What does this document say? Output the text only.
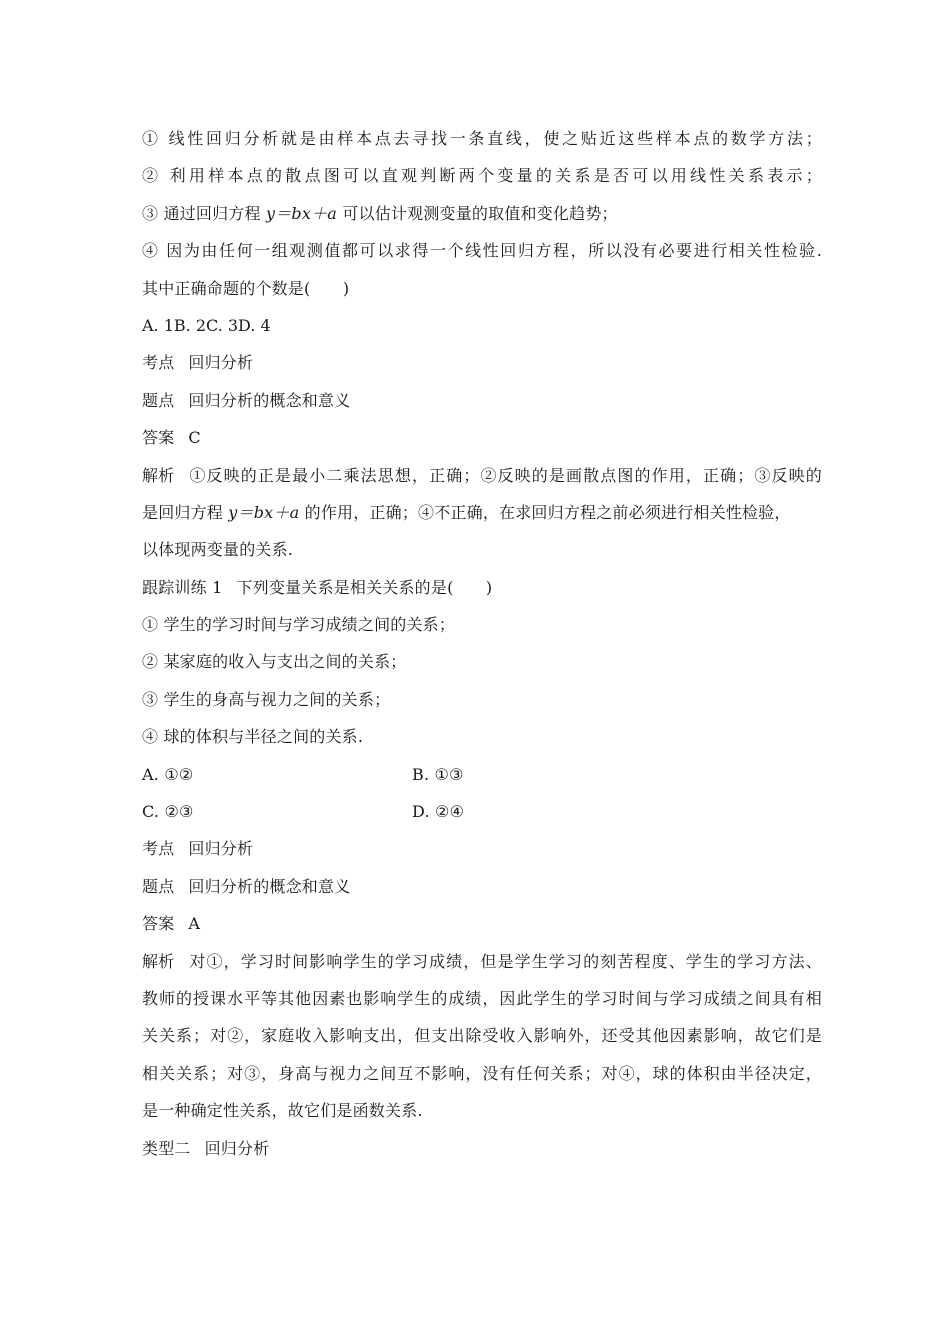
① 线性回归分析就是由样本点去寻找一条直线，使之贴近这些样本点的数学方法；
② 利用样本点的散点图可以直观判断两个变量的关系是否可以用线性关系表示；
③ 通过回归方程 y＝bx＋a 可以估计观测变量的取值和变化趋势；
④ 因为由任何一组观测值都可以求得一个线性回归方程，所以没有必要进行相关性检验.
其中正确命题的个数是(　　)
A. 1B. 2C. 3D. 4
考点 回归分析
题点 回归分析的概念和意义
答案 C
解析 ①反映的正是最小二乘法思想，正确；②反映的是画散点图的作用，正确；③反映的
是回归方程 y＝bx＋a 的作用，正确；④不正确，在求回归方程之前必须进行相关性检验，
以体现两变量的关系.
跟踪训练 1 下列变量关系是相关关系的是(　　)
① 学生的学习时间与学习成绩之间的关系；
② 某家庭的收入与支出之间的关系；
③ 学生的身高与视力之间的关系；
④ 球的体积与半径之间的关系.
A. ①②	B. ①③
C. ②③	D. ②④
考点 回归分析
题点 回归分析的概念和意义
答案 A
解析 对①，学习时间影响学生的学习成绩，但是学生学习的刻苦程度、学生的学习方法、
教师的授课水平等其他因素也影响学生的成绩，因此学生的学习时间与学习成绩之间具有相
关关系；对②，家庭收入影响支出，但支出除受收入影响外，还受其他因素影响，故它们是
相关关系；对③，身高与视力之间互不影响，没有任何关系；对④，球的体积由半径决定，
是一种确定性关系，故它们是函数关系.
类型二 回归分析
